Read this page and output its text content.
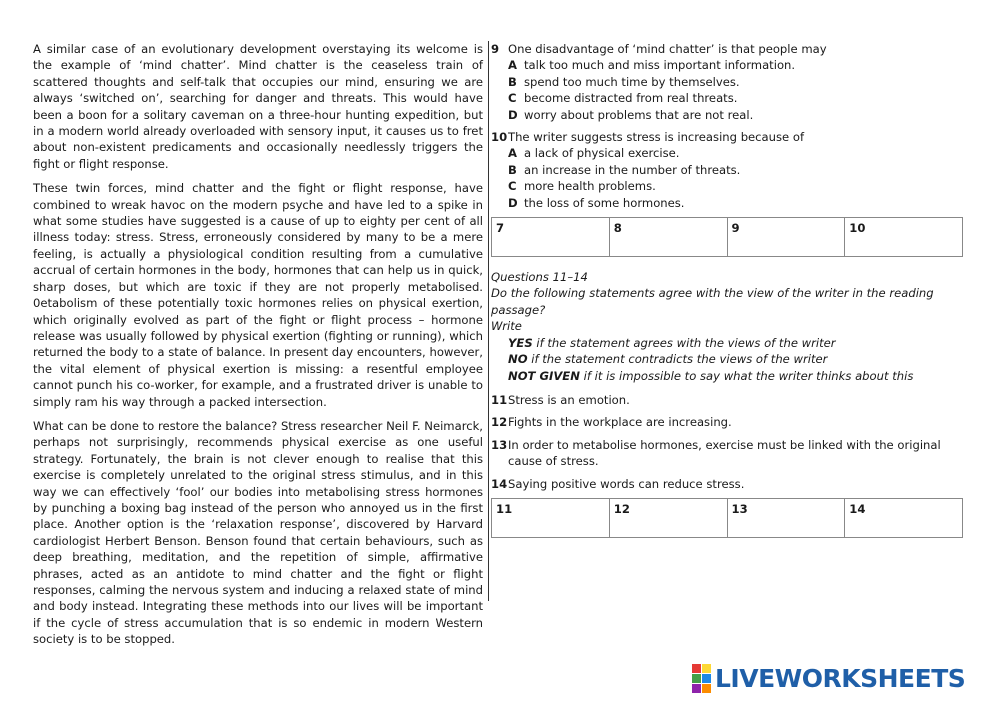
A similar case of an evolutionary development overstaying its welcome is the example of ‘mind chatter’. Mind chatter is the ceaseless train of scattered thoughts and self-talk that occupies our mind, ensuring we are always ‘switched on’, searching for danger and threats. This would have been a boon for a solitary caveman on a three-hour hunting expedition, but in a modern world already overloaded with sensory input, it causes us to fret about non-existent predicaments and occasionally needlessly triggers the fight or flight response.

These twin forces, mind chatter and the fight or flight response, have combined to wreak havoc on the modern psyche and have led to a spike in what some studies have suggested is a cause of up to eighty per cent of all illness today: stress. Stress, erroneously considered by many to be a mere feeling, is actually a physiological condition resulting from a cumulative accrual of certain hormones in the body, hormones that can help us in quick, sharp doses, but which are toxic if they are not properly metabolised. 0etabolism of these potentially toxic hormones relies on physical exertion, which originally evolved as part of the fight or flight process – hormone release was usually followed by physical exertion (fighting or running), which returned the body to a state of balance. In present day encounters, however, the vital element of physical exertion is missing: a resentful employee cannot punch his co-worker, for example, and a frustrated driver is unable to simply ram his way through a packed intersection.

What can be done to restore the balance? Stress researcher Neil F. Neimarck, perhaps not surprisingly, recommends physical exercise as one useful strategy. Fortunately, the brain is not clever enough to realise that this exercise is completely unrelated to the original stress stimulus, and in this way we can effectively ‘fool’ our bodies into metabolising stress hormones by punching a boxing bag instead of the person who annoyed us in the first place. Another option is the ‘relaxation response’, discovered by Harvard cardiologist Herbert Benson. Benson found that certain behaviours, such as deep breathing, meditation, and the repetition of simple, affirmative phrases, acted as an antidote to mind chatter and the fight or flight responses, calming the nervous system and inducing a relaxed state of mind and body instead. Integrating these methods into our lives will be important if the cycle of stress accumulation that is so endemic in modern Western society is to be stopped.

9 One disadvantage of ‘mind chatter’ is that people may
A talk too much and miss important information.
B spend too much time by themselves.
C become distracted from real threats.
D worry about problems that are not real.
10 The writer suggests stress is increasing because of
A a lack of physical exercise.
B an increase in the number of threats.
C more health problems.
D the loss of some hormones.
7	8	9	10

Questions 11–14

Do the following statements agree with the view of the writer in the reading passage?

Write

YES if the statement agrees with the views of the writer

NO if the statement contradicts the views of the writer

NOT GIVEN if it is impossible to say what the writer thinks about this

11 Stress is an emotion.
12 Fights in the workplace are increasing.
13 In order to metabolise hormones, exercise must be linked with the original cause of stress.
14 Saying positive words can reduce stress.
11	12	13	14
LIVEWORKSHEETS
